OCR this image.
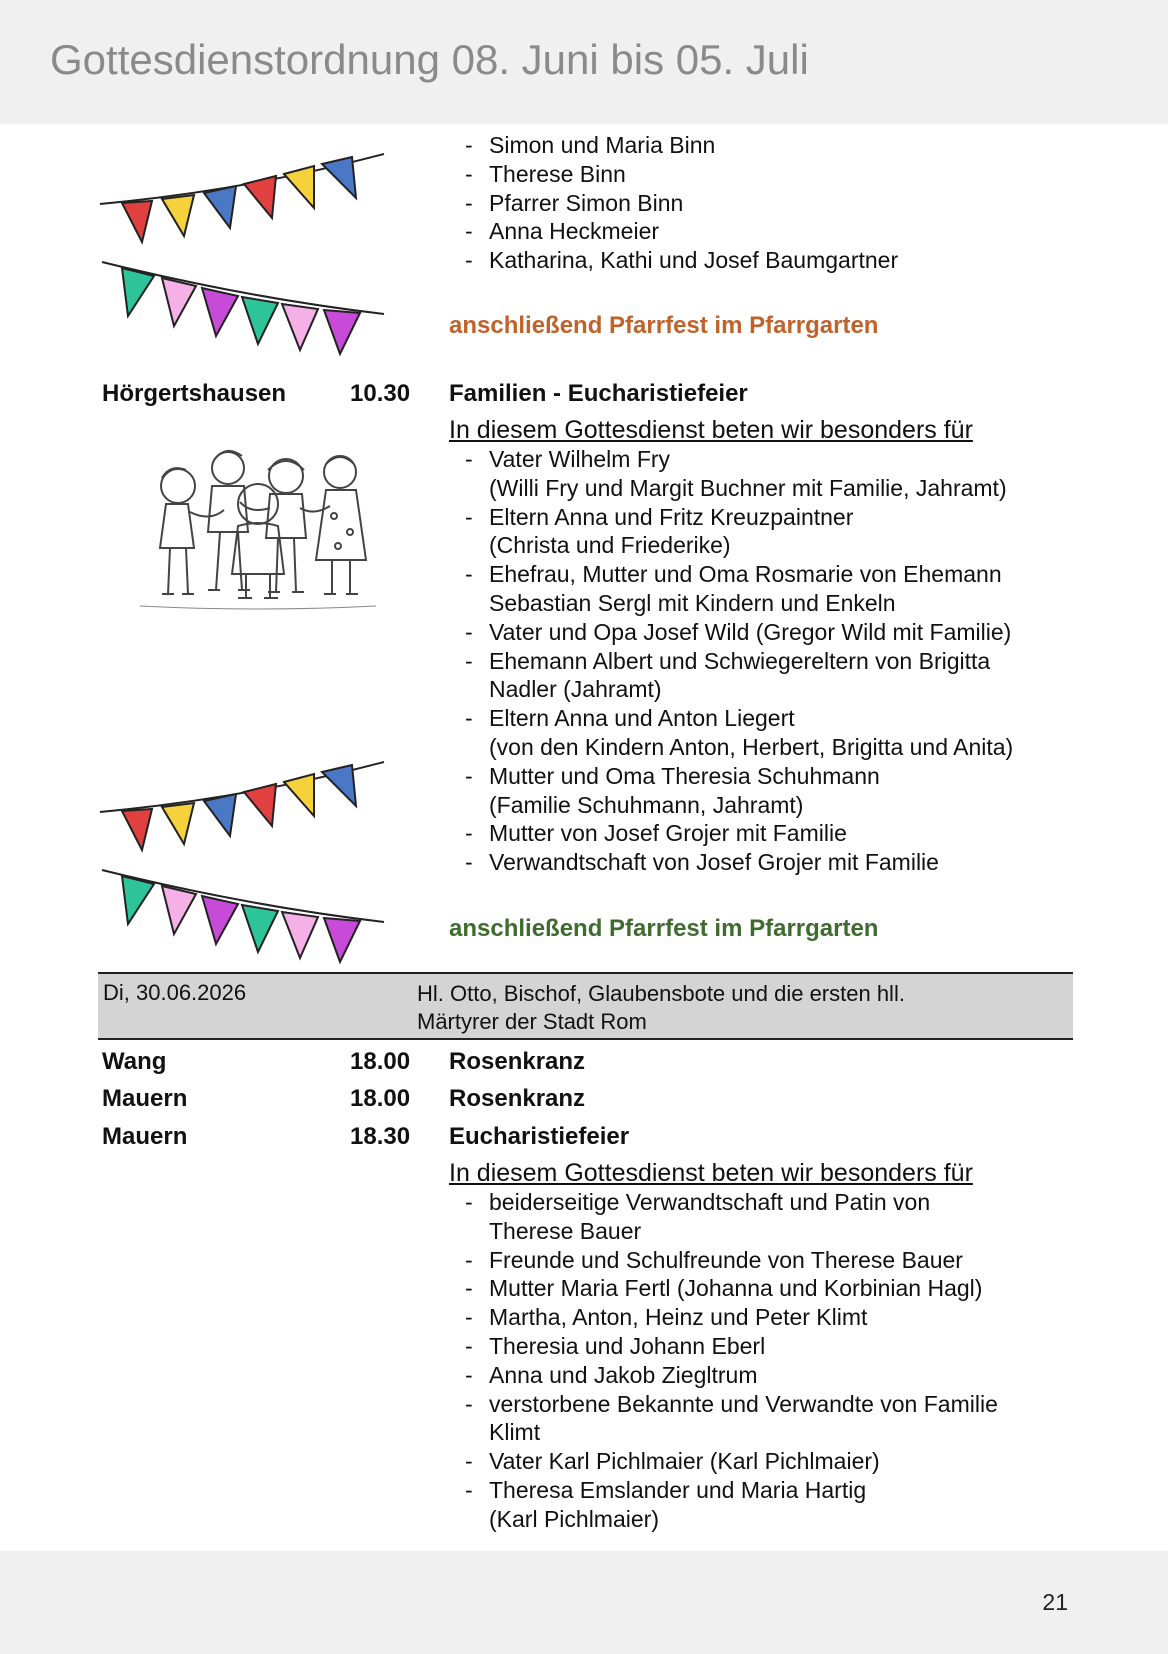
Gottesdienstordnung 08. Juni bis 05. Juli
- Simon und Maria Binn
- Therese Binn
- Pfarrer Simon Binn
- Anna Heckmeier
- Katharina, Kathi und Josef Baumgartner
anschließend Pfarrfest im Pfarrgarten
Hörgertshausen	10.30 Familien - Eucharistiefeier
In diesem Gottesdienst beten wir besonders für
- Vater Wilhelm Fry
(Willi Fry und Margit Buchner mit Familie, Jahramt)
- Eltern Anna und Fritz Kreuzpaintner
(Christa und Friederike)
- Ehefrau, Mutter und Oma Rosmarie von Ehemann
Sebastian Sergl mit Kindern und Enkeln
- Vater und Opa Josef Wild (Gregor Wild mit Familie)
- Ehemann Albert und Schwiegereltern von Brigitta
Nadler (Jahramt)
- Eltern Anna und Anton Liegert
(von den Kindern Anton, Herbert, Brigitta und Anita)
- Mutter und Oma Theresia Schuhmann
(Familie Schuhmann, Jahramt)
- Mutter von Josef Grojer mit Familie
- Verwandtschaft von Josef Grojer mit Familie
anschließend Pfarrfest im Pfarrgarten
Di, 30.06.2026	Hl. Otto, Bischof, Glaubensbote und die ersten hll.
Märtyrer der Stadt Rom
Wang	18.00 Rosenkranz
Mauern	18.00 Rosenkranz
Mauern	18.30 Eucharistiefeier
In diesem Gottesdienst beten wir besonders für
- beiderseitige Verwandtschaft und Patin von
Therese Bauer
- Freunde und Schulfreunde von Therese Bauer
- Mutter Maria Fertl (Johanna und Korbinian Hagl)
- Martha, Anton, Heinz und Peter Klimt
- Theresia und Johann Eberl
- Anna und Jakob Ziegltrum
- verstorbene Bekannte und Verwandte von Familie
Klimt
- Vater Karl Pichlmaier (Karl Pichlmaier)
- Theresa Emslander und Maria Hartig
(Karl Pichlmaier)
21
